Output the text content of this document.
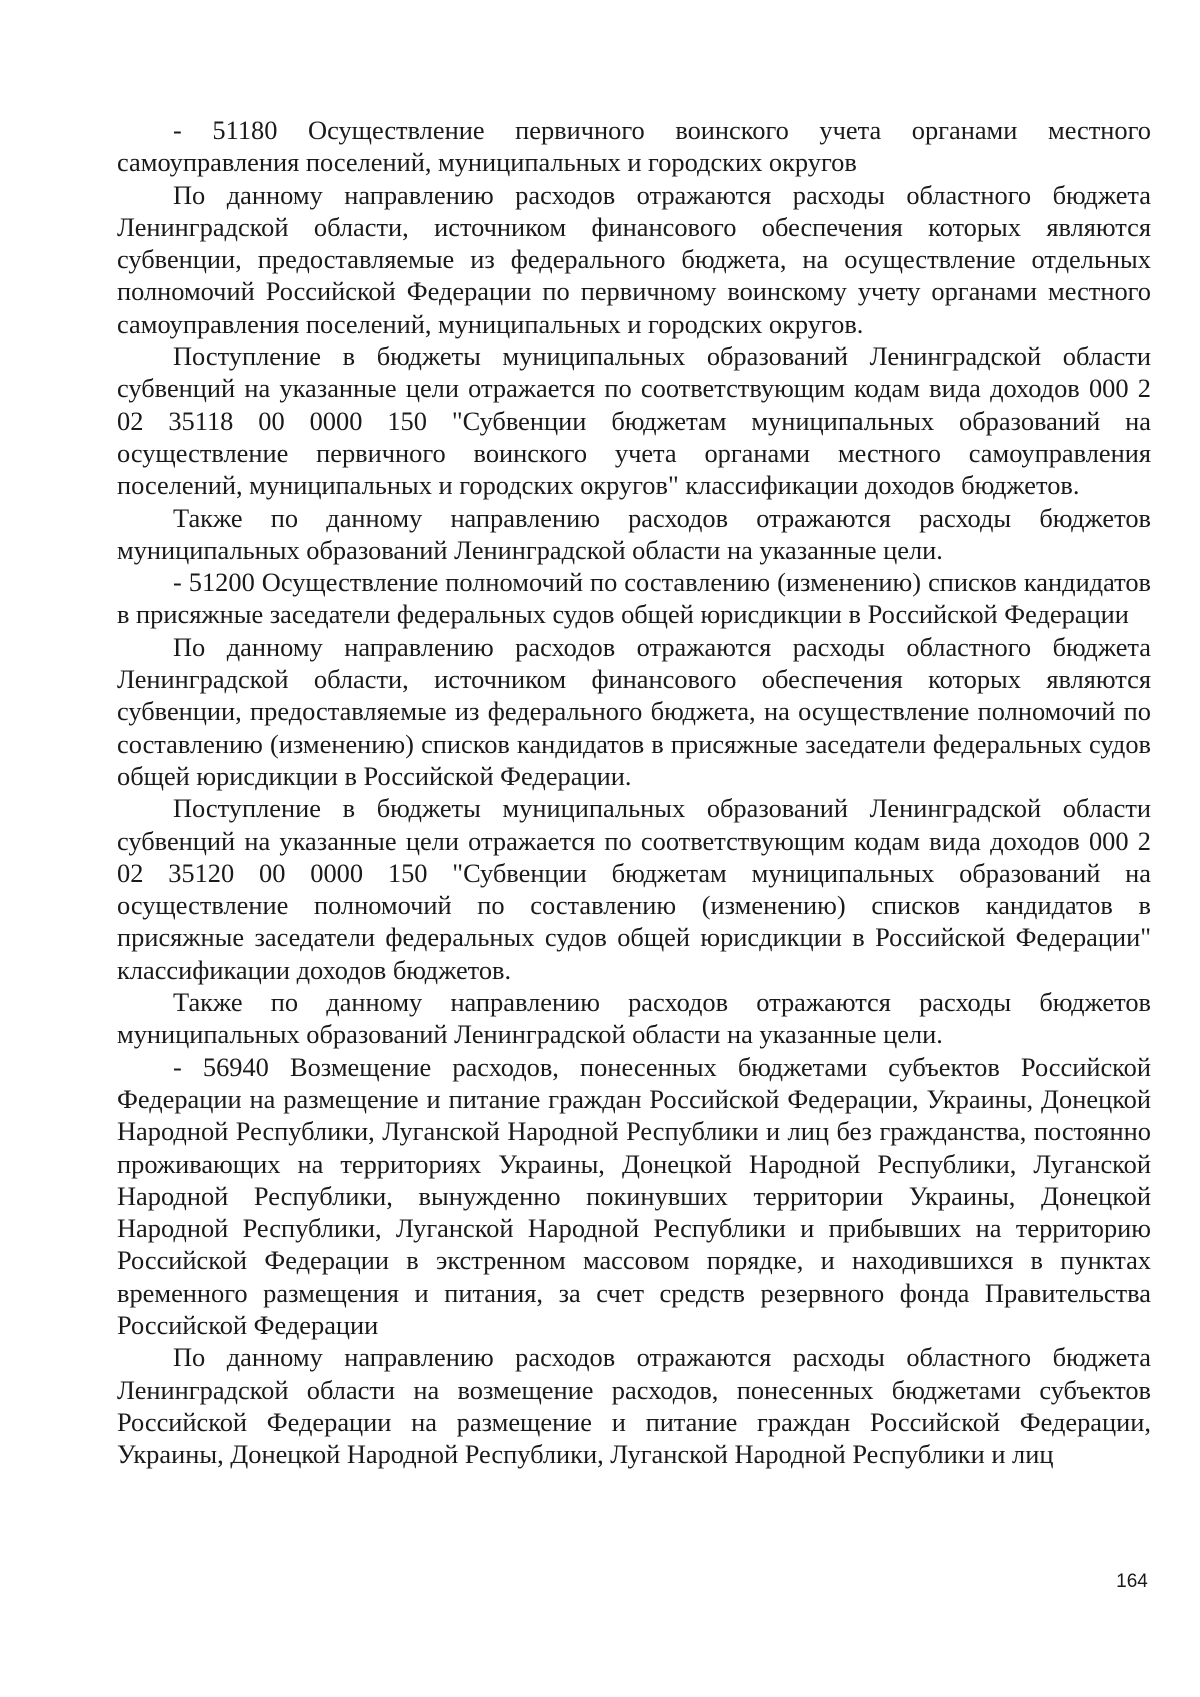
- 51180 Осуществление первичного воинского учета органами местного самоуправления поселений, муниципальных и городских округов

По данному направлению расходов отражаются расходы областного бюджета Ленинградской области, источником финансового обеспечения которых являются субвенции, предоставляемые из федерального бюджета, на осуществление отдельных полномочий Российской Федерации по первичному воинскому учету органами местного самоуправления поселений, муниципальных и городских округов.

Поступление в бюджеты муниципальных образований Ленинградской области субвенций на указанные цели отражается по соответствующим кодам вида доходов 000 2 02 35118 00 0000 150 "Субвенции бюджетам муниципальных образований на осуществление первичного воинского учета органами местного самоуправления поселений, муниципальных и городских округов" классификации доходов бюджетов.

Также по данному направлению расходов отражаются расходы бюджетов муниципальных образований Ленинградской области на указанные цели.

- 51200 Осуществление полномочий по составлению (изменению) списков кандидатов в присяжные заседатели федеральных судов общей юрисдикции в Российской Федерации

По данному направлению расходов отражаются расходы областного бюджета Ленинградской области, источником финансового обеспечения которых являются субвенции, предоставляемые из федерального бюджета, на осуществление полномочий по составлению (изменению) списков кандидатов в присяжные заседатели федеральных судов общей юрисдикции в Российской Федерации.

Поступление в бюджеты муниципальных образований Ленинградской области субвенций на указанные цели отражается по соответствующим кодам вида доходов 000 2 02 35120 00 0000 150 "Субвенции бюджетам муниципальных образований на осуществление полномочий по составлению (изменению) списков кандидатов в присяжные заседатели федеральных судов общей юрисдикции в Российской Федерации" классификации доходов бюджетов.

Также по данному направлению расходов отражаются расходы бюджетов муниципальных образований Ленинградской области на указанные цели.

- 56940 Возмещение расходов, понесенных бюджетами субъектов Российской Федерации на размещение и питание граждан Российской Федерации, Украины, Донецкой Народной Республики, Луганской Народной Республики и лиц без гражданства, постоянно проживающих на территориях Украины, Донецкой Народной Республики, Луганской Народной Республики, вынужденно покинувших территории Украины, Донецкой Народной Республики, Луганской Народной Республики и прибывших на территорию Российской Федерации в экстренном массовом порядке, и находившихся в пунктах временного размещения и питания, за счет средств резервного фонда Правительства Российской Федерации

По данному направлению расходов отражаются расходы областного бюджета Ленинградской области на возмещение расходов, понесенных бюджетами субъектов Российской Федерации на размещение и питание граждан Российской Федерации, Украины, Донецкой Народной Республики, Луганской Народной Республики и лиц

164
